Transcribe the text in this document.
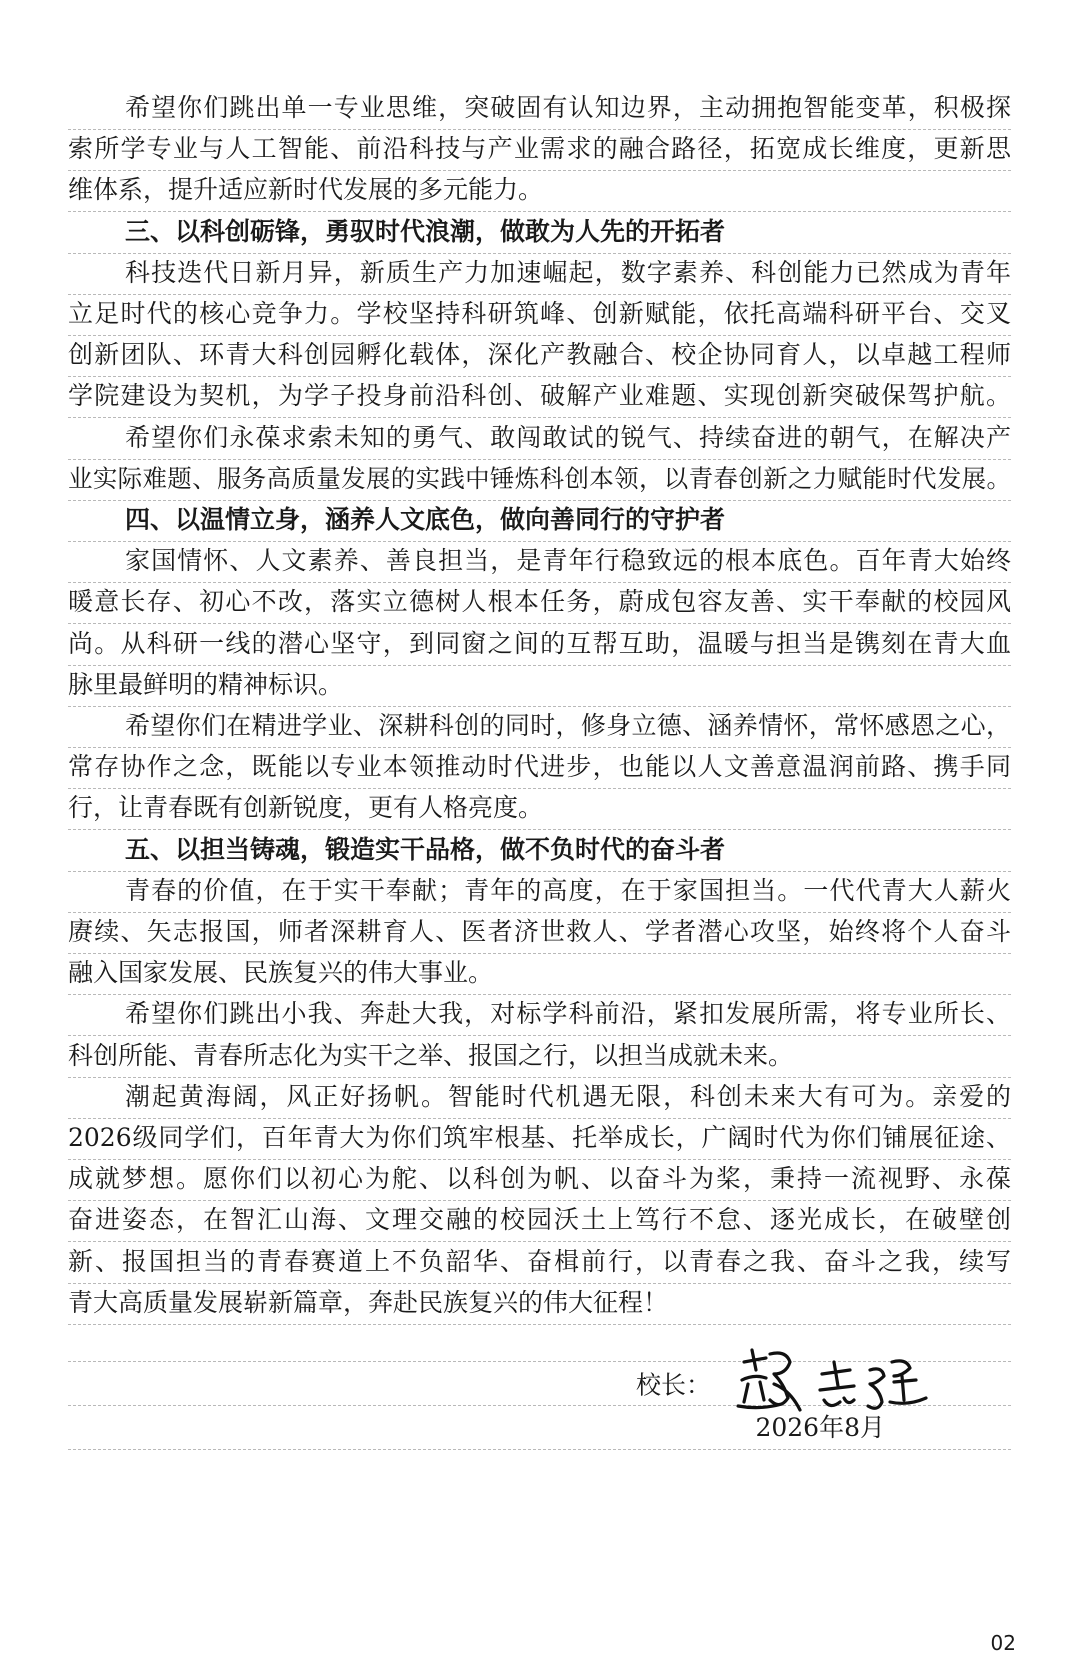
希望你们跳出单一专业思维，突破固有认知边界，主动拥抱智能变革，积极探
索所学专业与人工智能、前沿科技与产业需求的融合路径，拓宽成长维度，更新思
维体系，提升适应新时代发展的多元能力。
三、以科创砺锋，勇驭时代浪潮，做敢为人先的开拓者
科技迭代日新月异，新质生产力加速崛起，数字素养、科创能力已然成为青年
立足时代的核心竞争力。学校坚持科研筑峰、创新赋能，依托高端科研平台、交叉
创新团队、环青大科创园孵化载体，深化产教融合、校企协同育人，以卓越工程师
学院建设为契机，为学子投身前沿科创、破解产业难题、实现创新突破保驾护航。
希望你们永葆求索未知的勇气、敢闯敢试的锐气、持续奋进的朝气，在解决产
业实际难题、服务高质量发展的实践中锤炼科创本领，以青春创新之力赋能时代发展。
四、以温情立身，涵养人文底色，做向善同行的守护者
家国情怀、人文素养、善良担当，是青年行稳致远的根本底色。百年青大始终
暖意长存、初心不改，落实立德树人根本任务，蔚成包容友善、实干奉献的校园风
尚。从科研一线的潜心坚守，到同窗之间的互帮互助，温暖与担当是镌刻在青大血
脉里最鲜明的精神标识。
希望你们在精进学业、深耕科创的同时，修身立德、涵养情怀，常怀感恩之心，
常存协作之念，既能以专业本领推动时代进步，也能以人文善意温润前路、携手同
行，让青春既有创新锐度，更有人格亮度。
五、以担当铸魂，锻造实干品格，做不负时代的奋斗者
青春的价值，在于实干奉献；青年的高度，在于家国担当。一代代青大人薪火
赓续、矢志报国，师者深耕育人、医者济世救人、学者潜心攻坚，始终将个人奋斗
融入国家发展、民族复兴的伟大事业。
希望你们跳出小我、奔赴大我，对标学科前沿，紧扣发展所需，将专业所长、
科创所能、青春所志化为实干之举、报国之行，以担当成就未来。
潮起黄海阔，风正好扬帆。智能时代机遇无限，科创未来大有可为。亲爱的
2026级同学们，百年青大为你们筑牢根基、托举成长，广阔时代为你们铺展征途、
成就梦想。愿你们以初心为舵、以科创为帆、以奋斗为桨，秉持一流视野、永葆
奋进姿态，在智汇山海、文理交融的校园沃土上笃行不怠、逐光成长，在破壁创
新、报国担当的青春赛道上不负韶华、奋楫前行，以青春之我、奋斗之我，续写
青大高质量发展崭新篇章，奔赴民族复兴的伟大征程！
校长：
2026年8月
02
